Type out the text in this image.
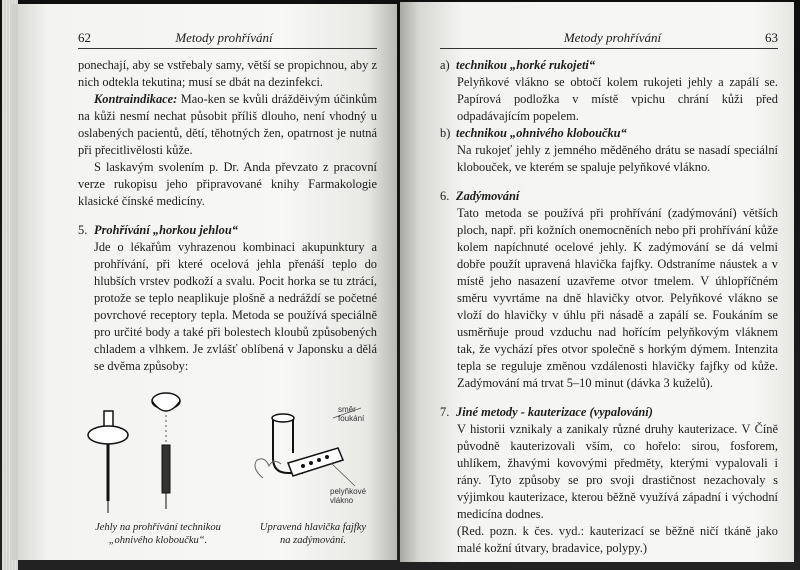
62	Metody prohřívání

ponechají, aby se vstřebaly samy, větší se propichnou, aby z nich odtekla tekutina; musí se dbát na dezinfekci.

Kontraindikace: Mao-ken se kvůli drážděivým účinkům na kůži nesmí nechat působit příliš dlouho, není vhodný u oslabených pacientů, dětí, těhotných žen, opatrnost je nutná při přecitlivělosti kůže.

S laskavým svolením p. Dr. Anda převzato z pracovní verze rukopisu jeho připravované knihy Farmakologie klasické čínské medicíny.

5. Prohřívání „horkou jehlou“

Jde o lékařům vyhrazenou kombinaci akupunktury a prohřívání, při které ocelová jehla přenáší teplo do hlubších vrstev podkoží a svalu. Pocit horka se tu ztrácí, protože se teplo neaplikuje plošně a nedráždí se početné povrchové receptory tepla. Metoda se používá speciálně pro určité body a také při bolestech kloubů způsobených chladem a vlhkem. Je zvlášť oblíbená v Japonsku a dělá se dvěma způsoby:

směr foukání
pelyňkové vlákno
Jehly na prohřívání technikou
„ohnivého kloboučku“.
Upravená hlavička fajfky
na zadýmování.
Metody prohřívání	63
a) technikou „horké rukojeti“

Pelyňkové vlákno se obtočí kolem rukojeti jehly a zapálí se. Papírová podložka v místě vpichu chrání kůži před odpadávajícím popelem.

b) technikou „ohnivého kloboučku“

Na rukojeť jehly z jemného měděného drátu se nasadí speciální klobouček, ve kterém se spaluje pelyňkové vlákno.

6. Zadýmování

Tato metoda se používá při prohřívání (zadýmování) větších ploch, např. při kožních onemocněních nebo při prohřívání kůže kolem napíchnuté ocelové jehly. K zadýmování se dá velmi dobře použít upravená hlavička fajfky. Odstraníme náustek a v místě jeho nasazení uzavřeme otvor tmelem. V úhlopříčném směru vyvrtáme na dně hlavičky otvor. Pelyňkové vlákno se vloží do hlavičky v úhlu při násadě a zapálí se. Foukáním se usměrňuje proud vzduchu nad hořícím pelyňkovým vláknem tak, že vychází přes otvor společně s horkým dýmem. Intenzita tepla se reguluje změnou vzdálenosti hlavičky fajfky od kůže. Zadýmování má trvat 5–10 minut (dávka 3 kuželů).

7. Jiné metody - kauterizace (vypalování)

V historii vznikaly a zanikaly různé druhy kauterizace. V Číně původně kauterizovali vším, co hořelo: sirou, fosforem, uhlíkem, žhavými kovovými předměty, kterými vypalovali i rány. Tyto způsoby se pro svoji drastičnost nezachovaly s výjimkou kauterizace, kterou běžně využívá západní i východní medicína dodnes.

(Red. pozn. k čes. vyd.: kauterizací se běžně ničí tkáně jako malé kožní útvary, bradavice, polypy.)
